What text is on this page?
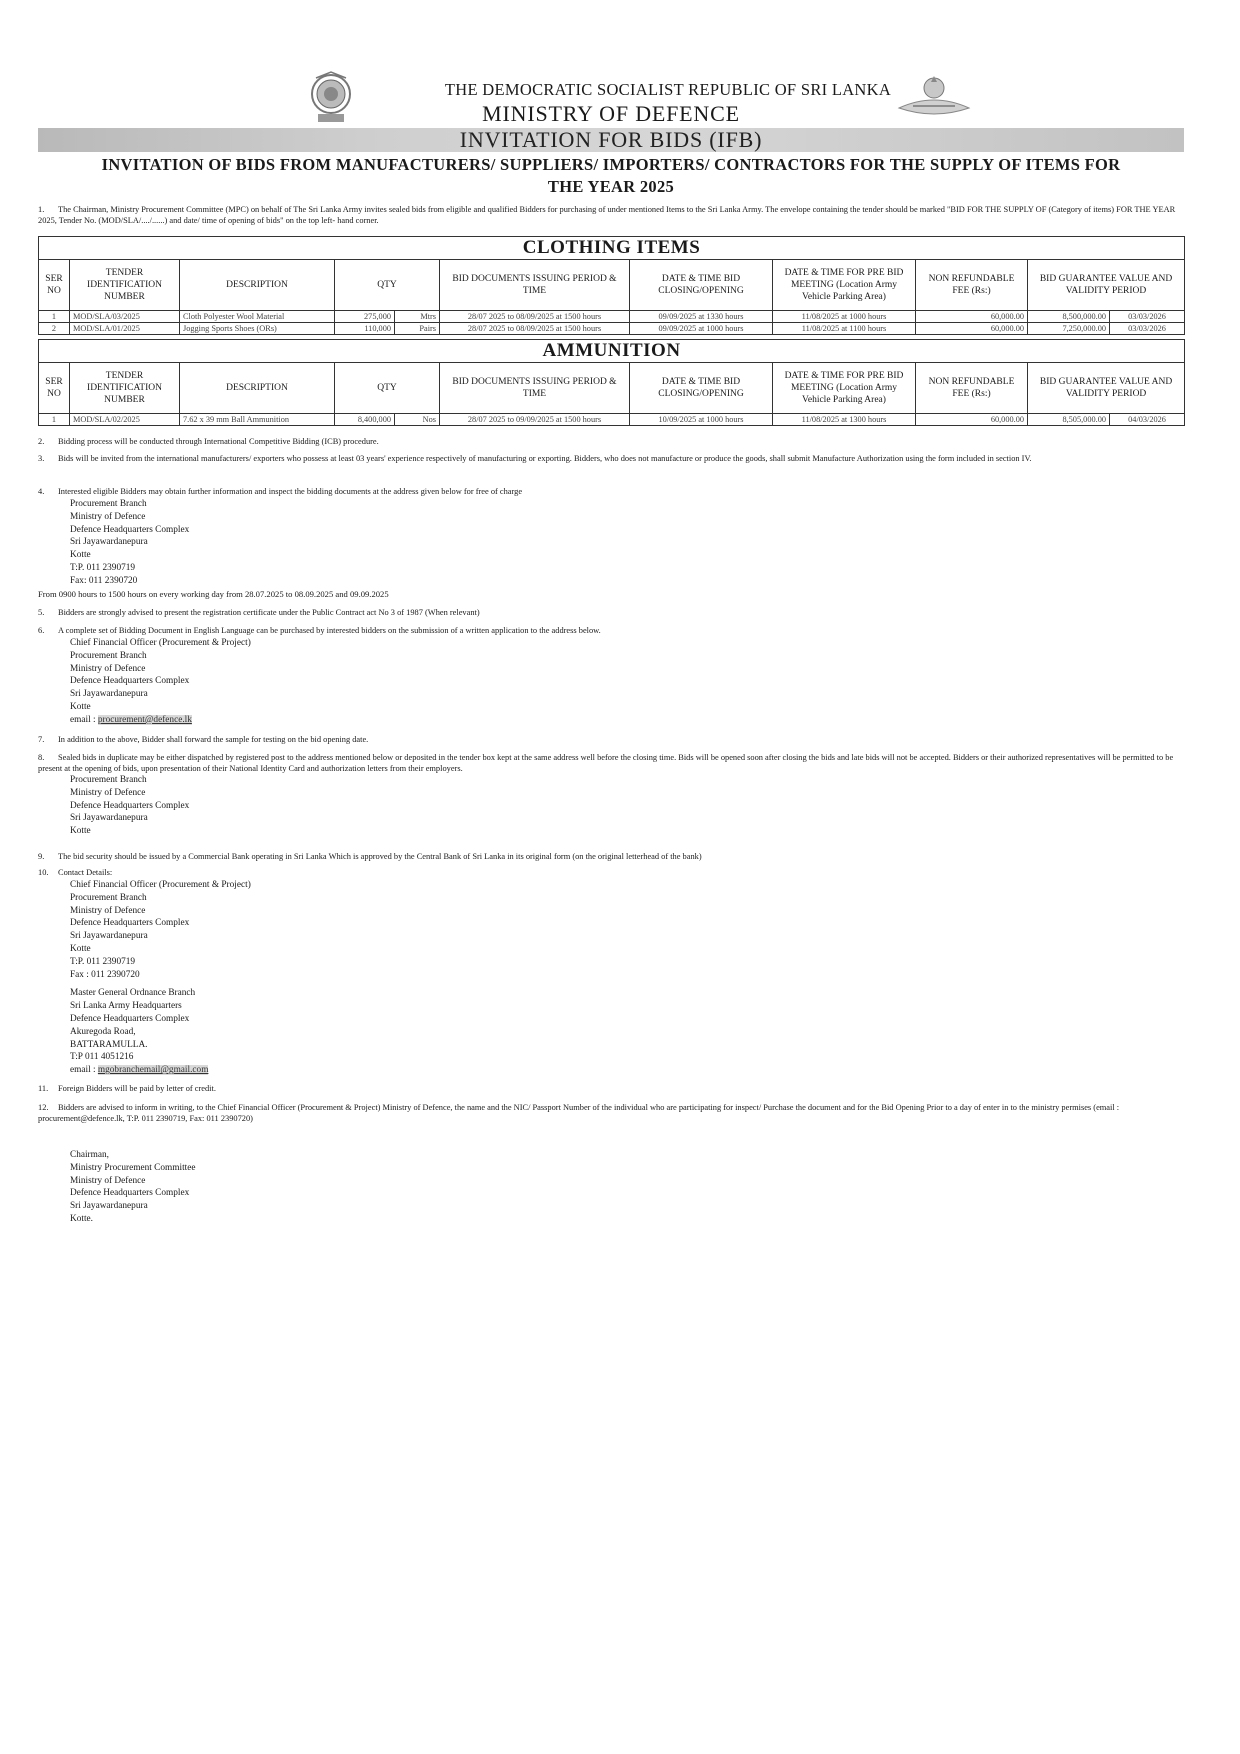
THE DEMOCRATIC SOCIALIST REPUBLIC OF SRI LANKA
MINISTRY OF DEFENCE
INVITATION FOR BIDS (IFB)
INVITATION OF BIDS FROM MANUFACTURERS/ SUPPLIERS/ IMPORTERS/ CONTRACTORS FOR THE SUPPLY OF ITEMS FOR
THE YEAR 2025
1. The Chairman, Ministry Procurement Committee (MPC) on behalf of The Sri Lanka Army invites sealed bids from eligible and qualified Bidders for purchasing of under mentioned Items to the Sri Lanka Army. The envelope containing the tender should be marked "BID FOR THE SUPPLY OF (Category of items) FOR THE YEAR 2025, Tender No. (MOD/SLA/..../......) and date/ time of opening of bids" on the top left- hand corner.
CLOTHING ITEMS										
SER NO	TENDER IDENTIFICATION NUMBER	DESCRIPTION	QTY		BID DOCUMENTS ISSUING PERIOD & TIME	DATE & TIME BID CLOSING/OPENING	DATE & TIME FOR PRE BID MEETING (Location Army Vehicle Parking Area)	NON REFUNDABLE FEE (Rs:)	BID GUARANTEE VALUE AND VALIDITY PERIOD	
1	MOD/SLA/03/2025	Cloth Polyester Wool Material	275,000	Mtrs	28/07 2025 to 08/09/2025 at 1500 hours	09/09/2025 at 1330 hours	11/08/2025 at 1000 hours	60,000.00	8,500,000.00	03/03/2026
2	MOD/SLA/01/2025	Jogging Sports Shoes (ORs)	110,000	Pairs	28/07 2025 to 08/09/2025 at 1500 hours	09/09/2025 at 1000 hours	11/08/2025 at 1100 hours	60,000.00	7,250,000.00	03/03/2026
AMMUNITION										
SER NO	TENDER IDENTIFICATION NUMBER	DESCRIPTION	QTY		BID DOCUMENTS ISSUING PERIOD & TIME	DATE & TIME BID CLOSING/OPENING	DATE & TIME FOR PRE BID MEETING (Location Army Vehicle Parking Area)	NON REFUNDABLE FEE (Rs:)	BID GUARANTEE VALUE AND VALIDITY PERIOD	
1	MOD/SLA/02/2025	7.62 x 39 mm Ball Ammunition	8,400,000	Nos	28/07 2025 to 09/09/2025 at 1500 hours	10/09/2025 at 1000 hours	11/08/2025 at 1300 hours	60,000.00	8,505,000.00	04/03/2026
2. Bidding process will be conducted through International Competitive Bidding (ICB) procedure.
3. Bids will be invited from the international manufacturers/ exporters who possess at least 03 years' experience respectively of manufacturing or exporting. Bidders, who does not manufacture or produce the goods, shall submit Manufacture Authorization using the form included in section IV.
4. Interested eligible Bidders may obtain further information and inspect the bidding documents at the address given below for free of charge
Procurement Branch
Ministry of Defence
Defence Headquarters Complex
Sri Jayawardanepura
Kotte
T:P. 011 2390719
Fax: 011 2390720
From 0900 hours to 1500 hours on every working day from 28.07.2025 to 08.09.2025 and 09.09.2025
5. Bidders are strongly advised to present the registration certificate under the Public Contract act No 3 of 1987 (When relevant)
6. A complete set of Bidding Document in English Language can be purchased by interested bidders on the submission of a written application to the address below.
Chief Financial Officer (Procurement & Project)
Procurement Branch
Ministry of Defence
Defence Headquarters Complex
Sri Jayawardanepura
Kotte
email : procurement@defence.lk
7. In addition to the above, Bidder shall forward the sample for testing on the bid opening date.
8. Sealed bids in duplicate may be either dispatched by registered post to the address mentioned below or deposited in the tender box kept at the same address well before the closing time. Bids will be opened soon after closing the bids and late bids will not be accepted. Bidders or their authorized representatives will be permitted to be present at the opening of bids, upon presentation of their National Identity Card and authorization letters from their employers.
Procurement Branch
Ministry of Defence
Defence Headquarters Complex
Sri Jayawardanepura
Kotte
9. The bid security should be issued by a Commercial Bank operating in Sri Lanka Which is approved by the Central Bank of Sri Lanka in its original form (on the original letterhead of the bank)
10. Contact Details:
Chief Financial Officer (Procurement & Project)
Procurement Branch
Ministry of Defence
Defence Headquarters Complex
Sri Jayawardanepura
Kotte
T:P. 011 2390719
Fax : 011 2390720
Master General Ordnance Branch
Sri Lanka Army Headquarters
Defence Headquarters Complex
Akuregoda Road,
BATTARAMULLA.
T:P 011 4051216
email : mgobranchemail@gmail.com
11. Foreign Bidders will be paid by letter of credit.
12. Bidders are advised to inform in writing, to the Chief Financial Officer (Procurement & Project) Ministry of Defence, the name and the NIC/ Passport Number of the individual who are participating for inspect/ Purchase the document and for the Bid Opening Prior to a day of enter in to the ministry permises (email : procurement@defence.lk, T:P. 011 2390719, Fax: 011 2390720)
Chairman,
Ministry Procurement Committee
Ministry of Defence
Defence Headquarters Complex
Sri Jayawardanepura
Kotte.
